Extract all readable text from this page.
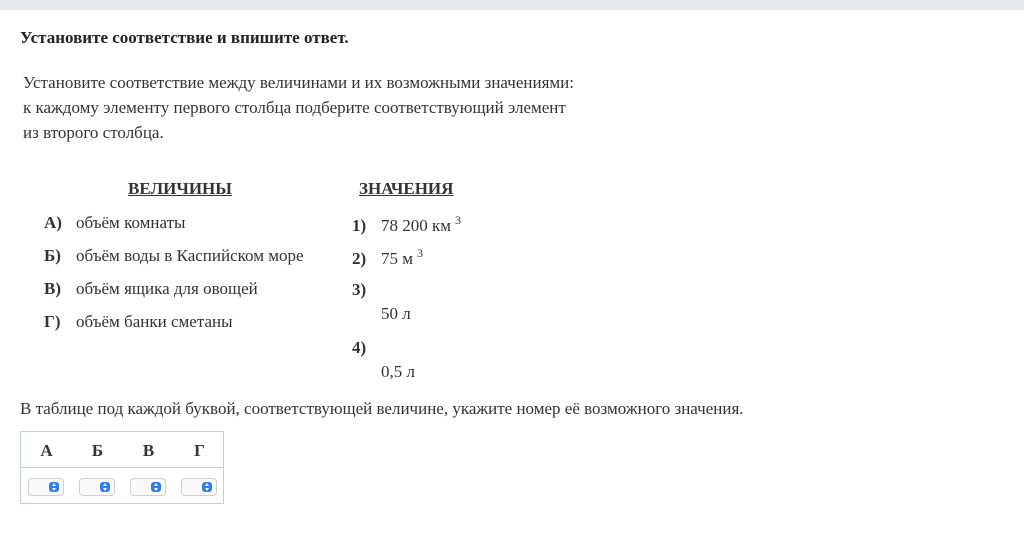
Установите соответствие и впишите ответ.
Установите соответствие между величинами и их возможными значениями:
к каждому элементу первого столбца подберите соответствующий элемент
из второго столбца.
ВЕЛИЧИНЫ	ЗНАЧЕНИЯ
А) объём комнаты
Б) объём воды в Каспийском море
В) объём ящика для овощей
Г) объём банки сметаны
1) 78 200 км $^3$
2) 75 м $^3$
3)
50 л
4)
0,5 л
В таблице под каждой буквой, соответствующей величине, укажите номер её возможного значения.
А	Б	В	Г
